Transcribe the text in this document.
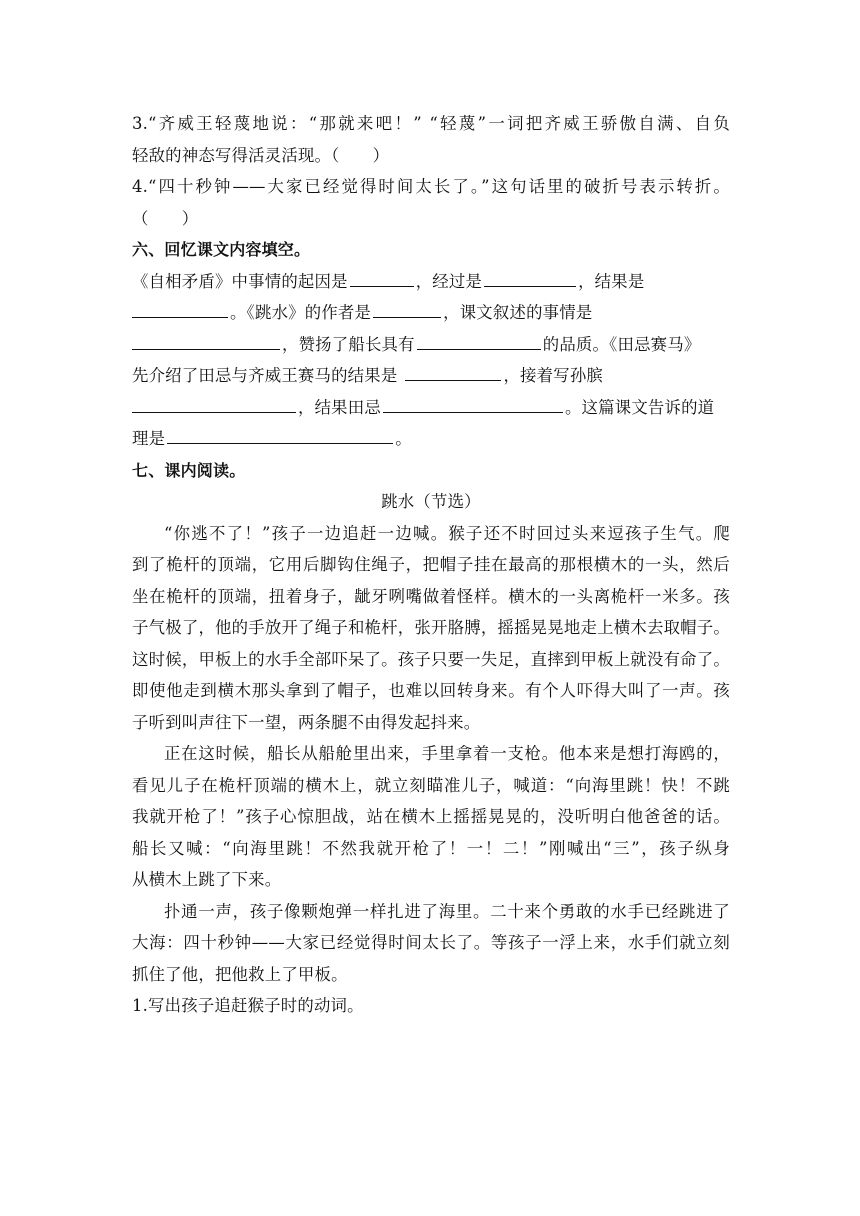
3.“齐威王轻蔑地说：“那就来吧！” “轻蔑”一词把齐威王骄傲自满、自负
轻敌的神态写得活灵活现。（　　）
4.“四十秒钟——大家已经觉得时间太长了。”这句话里的破折号表示转折。
（　　）
六、回忆课文内容填空。
《自相矛盾》中事情的起因是	，经过是	，结果是
。《跳水》的作者是	，课文叙述的事情是
，赞扬了船长具有	的品质。《田忌赛马》
先介绍了田忌与齐威王赛马的结果是	，接着写孙膑
，结果田忌	。这篇课文告诉的道
理是	。
七、课内阅读。
跳水（节选）
“你逃不了！”孩子一边追赶一边喊。猴子还不时回过头来逗孩子生气。爬
到了桅杆的顶端，它用后脚钩住绳子，把帽子挂在最高的那根横木的一头，然后
坐在桅杆的顶端，扭着身子，龇牙咧嘴做着怪样。横木的一头离桅杆一米多。孩
子气极了，他的手放开了绳子和桅杆，张开胳膊，摇摇晃晃地走上横木去取帽子。
这时候，甲板上的水手全部吓呆了。孩子只要一失足，直摔到甲板上就没有命了。
即使他走到横木那头拿到了帽子，也难以回转身来。有个人吓得大叫了一声。孩
子听到叫声往下一望，两条腿不由得发起抖来。
正在这时候，船长从船舱里出来，手里拿着一支枪。他本来是想打海鸥的，
看见儿子在桅杆顶端的横木上，就立刻瞄准儿子，喊道：“向海里跳！快！不跳
我就开枪了！”孩子心惊胆战，站在横木上摇摇晃晃的，没听明白他爸爸的话。
船长又喊：“向海里跳！不然我就开枪了！一！二！”刚喊出“三”，孩子纵身
从横木上跳了下来。
扑通一声，孩子像颗炮弹一样扎进了海里。二十来个勇敢的水手已经跳进了
大海：四十秒钟——大家已经觉得时间太长了。等孩子一浮上来，水手们就立刻
抓住了他，把他救上了甲板。
1.写出孩子追赶猴子时的动词。
